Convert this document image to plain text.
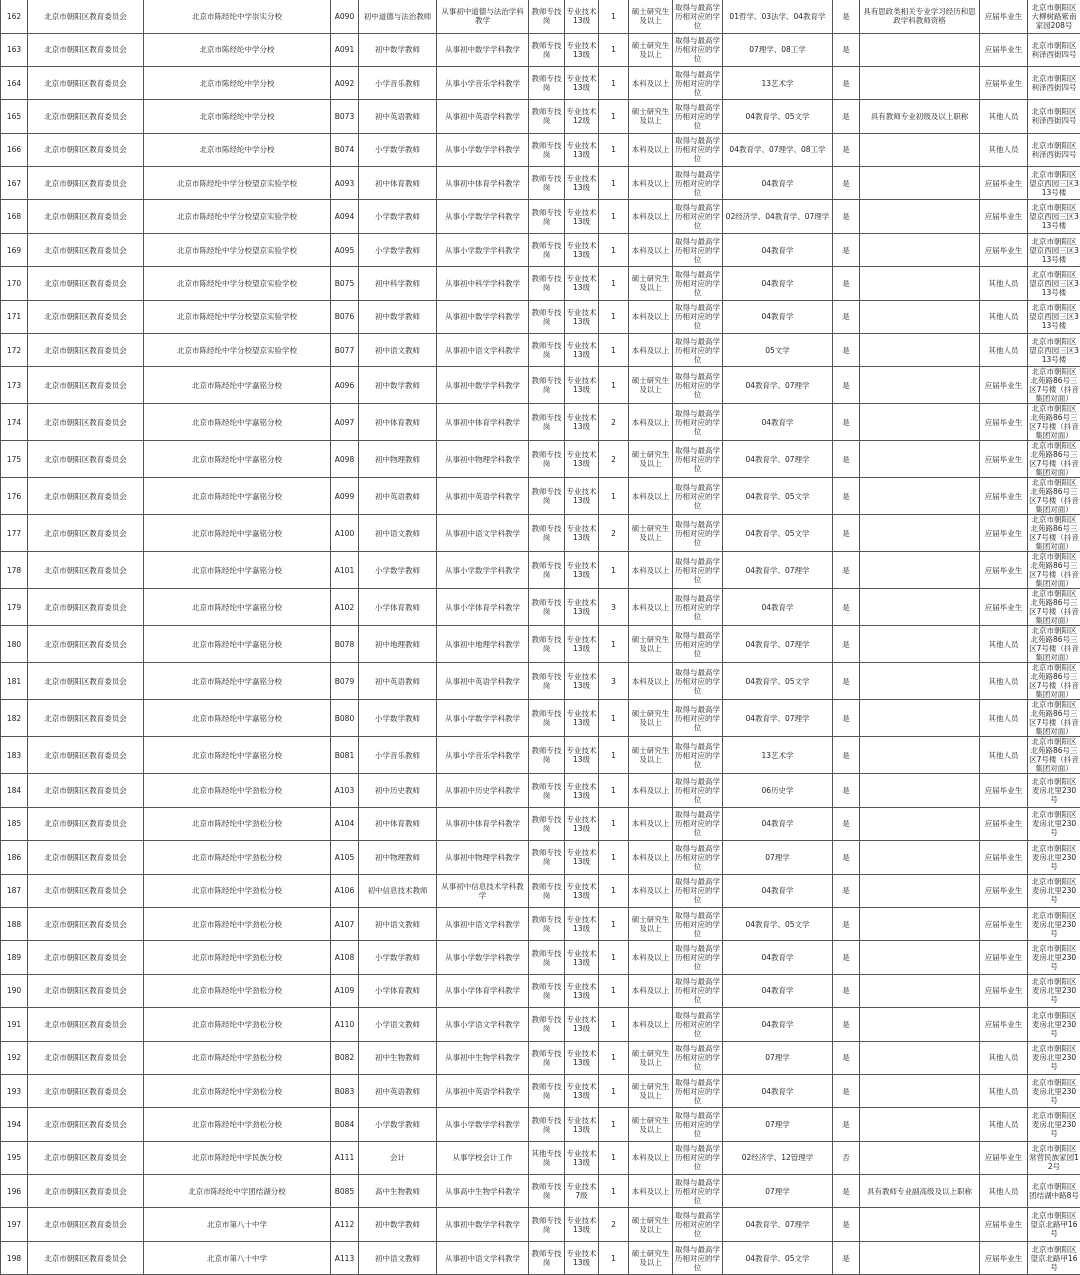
162	北京市朝阳区教育委员会	北京市陈经纶中学崇实分校	A090	初中道德与法治教师	从事初中道德与法治学科教学	教师专技岗	专业技术13级	1	硕士研究生及以上	取得与最高学历相对应的学位	01哲学、03法学、04教育学	是	具有思政类相关专业学习经历和思政学科教师资格	应届毕业生	北京市朝阳区大柳树路紫南家园208号
163	北京市朝阳区教育委员会	北京市陈经纶中学分校	A091	初中数学教师	从事初中数学学科教学	教师专技岗	专业技术13级	1	硕士研究生及以上	取得与最高学历相对应的学位	07理学、08工学	是		应届毕业生	北京市朝阳区利泽西街四号
164	北京市朝阳区教育委员会	北京市陈经纶中学分校	A092	小学音乐教师	从事小学音乐学科教学	教师专技岗	专业技术13级	1	本科及以上	取得与最高学历相对应的学位	13艺术学	是		应届毕业生	北京市朝阳区利泽西街四号
165	北京市朝阳区教育委员会	北京市陈经纶中学分校	B073	初中英语教师	从事初中英语学科教学	教师专技岗	专业技术12级	1	硕士研究生及以上	取得与最高学历相对应的学位	04教育学、05文学	是	具有教师专业初级及以上职称	其他人员	北京市朝阳区利泽西街四号
166	北京市朝阳区教育委员会	北京市陈经纶中学分校	B074	小学数学教师	从事小学数学学科教学	教师专技岗	专业技术13级	1	本科及以上	取得与最高学历相对应的学位	04教育学、07理学、08工学	是		其他人员	北京市朝阳区利泽西街四号
167	北京市朝阳区教育委员会	北京市陈经纶中学分校望京实验学校	A093	初中体育教师	从事初中体育学科教学	教师专技岗	专业技术13级	1	本科及以上	取得与最高学历相对应的学位	04教育学	是		应届毕业生	北京市朝阳区望京西园三区313号楼
168	北京市朝阳区教育委员会	北京市陈经纶中学分校望京实验学校	A094	小学数学教师	从事小学数学学科教学	教师专技岗	专业技术13级	1	本科及以上	取得与最高学历相对应的学位	02经济学、04教育学、07理学	是		应届毕业生	北京市朝阳区望京西园三区313号楼
169	北京市朝阳区教育委员会	北京市陈经纶中学分校望京实验学校	A095	小学数学教师	从事小学数学学科教学	教师专技岗	专业技术13级	1	本科及以上	取得与最高学历相对应的学位	04教育学	是		应届毕业生	北京市朝阳区望京西园三区313号楼
170	北京市朝阳区教育委员会	北京市陈经纶中学分校望京实验学校	B075	初中科学教师	从事初中科学学科教学	教师专技岗	专业技术13级	1	硕士研究生及以上	取得与最高学历相对应的学位	04教育学	是		其他人员	北京市朝阳区望京西园三区313号楼
171	北京市朝阳区教育委员会	北京市陈经纶中学分校望京实验学校	B076	初中数学教师	从事初中数学学科教学	教师专技岗	专业技术13级	1	本科及以上	取得与最高学历相对应的学位	04教育学	是		其他人员	北京市朝阳区望京西园三区313号楼
172	北京市朝阳区教育委员会	北京市陈经纶中学分校望京实验学校	B077	初中语文教师	从事初中语文学科教学	教师专技岗	专业技术13级	1	本科及以上	取得与最高学历相对应的学位	05文学	是		其他人员	北京市朝阳区望京西园三区313号楼
173	北京市朝阳区教育委员会	北京市陈经纶中学嘉铭分校	A096	初中数学教师	从事初中数学学科教学	教师专技岗	专业技术13级	1	硕士研究生及以上	取得与最高学历相对应的学位	04教育学、07理学	是		应届毕业生	北京市朝阳区北苑路86号三区7号楼（抖音集团对面）
174	北京市朝阳区教育委员会	北京市陈经纶中学嘉铭分校	A097	初中体育教师	从事初中体育学科教学	教师专技岗	专业技术13级	2	本科及以上	取得与最高学历相对应的学位	04教育学	是		应届毕业生	北京市朝阳区北苑路86号三区7号楼（抖音集团对面）
175	北京市朝阳区教育委员会	北京市陈经纶中学嘉铭分校	A098	初中物理教师	从事初中物理学科教学	教师专技岗	专业技术13级	2	硕士研究生及以上	取得与最高学历相对应的学位	04教育学、07理学	是		应届毕业生	北京市朝阳区北苑路86号三区7号楼（抖音集团对面）
176	北京市朝阳区教育委员会	北京市陈经纶中学嘉铭分校	A099	初中英语教师	从事初中英语学科教学	教师专技岗	专业技术13级	1	本科及以上	取得与最高学历相对应的学位	04教育学、05文学	是		应届毕业生	北京市朝阳区北苑路86号三区7号楼（抖音集团对面）
177	北京市朝阳区教育委员会	北京市陈经纶中学嘉铭分校	A100	初中语文教师	从事初中语文学科教学	教师专技岗	专业技术13级	2	硕士研究生及以上	取得与最高学历相对应的学位	04教育学、05文学	是		应届毕业生	北京市朝阳区北苑路86号三区7号楼（抖音集团对面）
178	北京市朝阳区教育委员会	北京市陈经纶中学嘉铭分校	A101	小学数学教师	从事小学数学学科教学	教师专技岗	专业技术13级	1	本科及以上	取得与最高学历相对应的学位	04教育学、07理学	是		应届毕业生	北京市朝阳区北苑路86号三区7号楼（抖音集团对面）
179	北京市朝阳区教育委员会	北京市陈经纶中学嘉铭分校	A102	小学体育教师	从事小学体育学科教学	教师专技岗	专业技术13级	3	本科及以上	取得与最高学历相对应的学位	04教育学	是		应届毕业生	北京市朝阳区北苑路86号三区7号楼（抖音集团对面）
180	北京市朝阳区教育委员会	北京市陈经纶中学嘉铭分校	B078	初中地理教师	从事初中地理学科教学	教师专技岗	专业技术13级	1	硕士研究生及以上	取得与最高学历相对应的学位	04教育学、07理学	是		其他人员	北京市朝阳区北苑路86号三区7号楼（抖音集团对面）
181	北京市朝阳区教育委员会	北京市陈经纶中学嘉铭分校	B079	初中英语教师	从事初中英语学科教学	教师专技岗	专业技术13级	3	本科及以上	取得与最高学历相对应的学位	04教育学、05文学	是		其他人员	北京市朝阳区北苑路86号三区7号楼（抖音集团对面）
182	北京市朝阳区教育委员会	北京市陈经纶中学嘉铭分校	B080	小学数学教师	从事小学数学学科教学	教师专技岗	专业技术13级	1	硕士研究生及以上	取得与最高学历相对应的学位	04教育学、07理学	是		其他人员	北京市朝阳区北苑路86号三区7号楼（抖音集团对面）
183	北京市朝阳区教育委员会	北京市陈经纶中学嘉铭分校	B081	小学音乐教师	从事小学音乐学科教学	教师专技岗	专业技术13级	1	硕士研究生及以上	取得与最高学历相对应的学位	13艺术学	是		其他人员	北京市朝阳区北苑路86号三区7号楼（抖音集团对面）
184	北京市朝阳区教育委员会	北京市陈经纶中学劲松分校	A103	初中历史教师	从事初中历史学科教学	教师专技岗	专业技术13级	1	本科及以上	取得与最高学历相对应的学位	06历史学	是		应届毕业生	北京市朝阳区麦房北里230号
185	北京市朝阳区教育委员会	北京市陈经纶中学劲松分校	A104	初中体育教师	从事初中体育学科教学	教师专技岗	专业技术13级	1	本科及以上	取得与最高学历相对应的学位	04教育学	是		应届毕业生	北京市朝阳区麦房北里230号
186	北京市朝阳区教育委员会	北京市陈经纶中学劲松分校	A105	初中物理教师	从事初中物理学科教学	教师专技岗	专业技术13级	1	本科及以上	取得与最高学历相对应的学位	07理学	是		应届毕业生	北京市朝阳区麦房北里230号
187	北京市朝阳区教育委员会	北京市陈经纶中学劲松分校	A106	初中信息技术教师	从事初中信息技术学科教学	教师专技岗	专业技术13级	1	本科及以上	取得与最高学历相对应的学位	04教育学	是		应届毕业生	北京市朝阳区麦房北里230号
188	北京市朝阳区教育委员会	北京市陈经纶中学劲松分校	A107	初中语文教师	从事初中语文学科教学	教师专技岗	专业技术13级	1	硕士研究生及以上	取得与最高学历相对应的学位	04教育学、05文学	是		应届毕业生	北京市朝阳区麦房北里230号
189	北京市朝阳区教育委员会	北京市陈经纶中学劲松分校	A108	小学数学教师	从事小学数学学科教学	教师专技岗	专业技术13级	1	本科及以上	取得与最高学历相对应的学位	04教育学	是		应届毕业生	北京市朝阳区麦房北里230号
190	北京市朝阳区教育委员会	北京市陈经纶中学劲松分校	A109	小学体育教师	从事小学体育学科教学	教师专技岗	专业技术13级	1	本科及以上	取得与最高学历相对应的学位	04教育学	是		应届毕业生	北京市朝阳区麦房北里230号
191	北京市朝阳区教育委员会	北京市陈经纶中学劲松分校	A110	小学语文教师	从事小学语文学科教学	教师专技岗	专业技术13级	1	本科及以上	取得与最高学历相对应的学位	04教育学	是		应届毕业生	北京市朝阳区麦房北里230号
192	北京市朝阳区教育委员会	北京市陈经纶中学劲松分校	B082	初中生物教师	从事初中生物学科教学	教师专技岗	专业技术13级	1	硕士研究生及以上	取得与最高学历相对应的学位	07理学	是		其他人员	北京市朝阳区麦房北里230号
193	北京市朝阳区教育委员会	北京市陈经纶中学劲松分校	B083	初中英语教师	从事初中英语学科教学	教师专技岗	专业技术13级	1	硕士研究生及以上	取得与最高学历相对应的学位	04教育学	是		其他人员	北京市朝阳区麦房北里230号
194	北京市朝阳区教育委员会	北京市陈经纶中学劲松分校	B084	小学数学教师	从事小学数学学科教学	教师专技岗	专业技术13级	1	硕士研究生及以上	取得与最高学历相对应的学位	07理学	是		其他人员	北京市朝阳区麦房北里230号
195	北京市朝阳区教育委员会	北京市陈经纶中学民族分校	A111	会计	从事学校会计工作	其他专技岗	专业技术13级	1	本科及以上	取得与最高学历相对应的学位	02经济学、12管理学	否		应届毕业生	北京市朝阳区常营民族家园12号
196	北京市朝阳区教育委员会	北京市陈经纶中学团结湖分校	B085	高中生物教师	从事高中生物学科教学	教师专技岗	专业技术7级	1	本科及以上	取得与最高学历相对应的学位	07理学	是	具有教师专业副高级及以上职称	其他人员	北京市朝阳区团结湖中路8号
197	北京市朝阳区教育委员会	北京市第八十中学	A112	初中数学教师	从事初中数学学科教学	教师专技岗	专业技术13级	2	硕士研究生及以上	取得与最高学历相对应的学位	04教育学、07理学	是		应届毕业生	北京市朝阳区望京北路甲16号
198	北京市朝阳区教育委员会	北京市第八十中学	A113	初中语文教师	从事初中语文学科教学	教师专技岗	专业技术13级	1	硕士研究生及以上	取得与最高学历相对应的学位	04教育学、05文学	是		应届毕业生	北京市朝阳区望京北路甲16号
